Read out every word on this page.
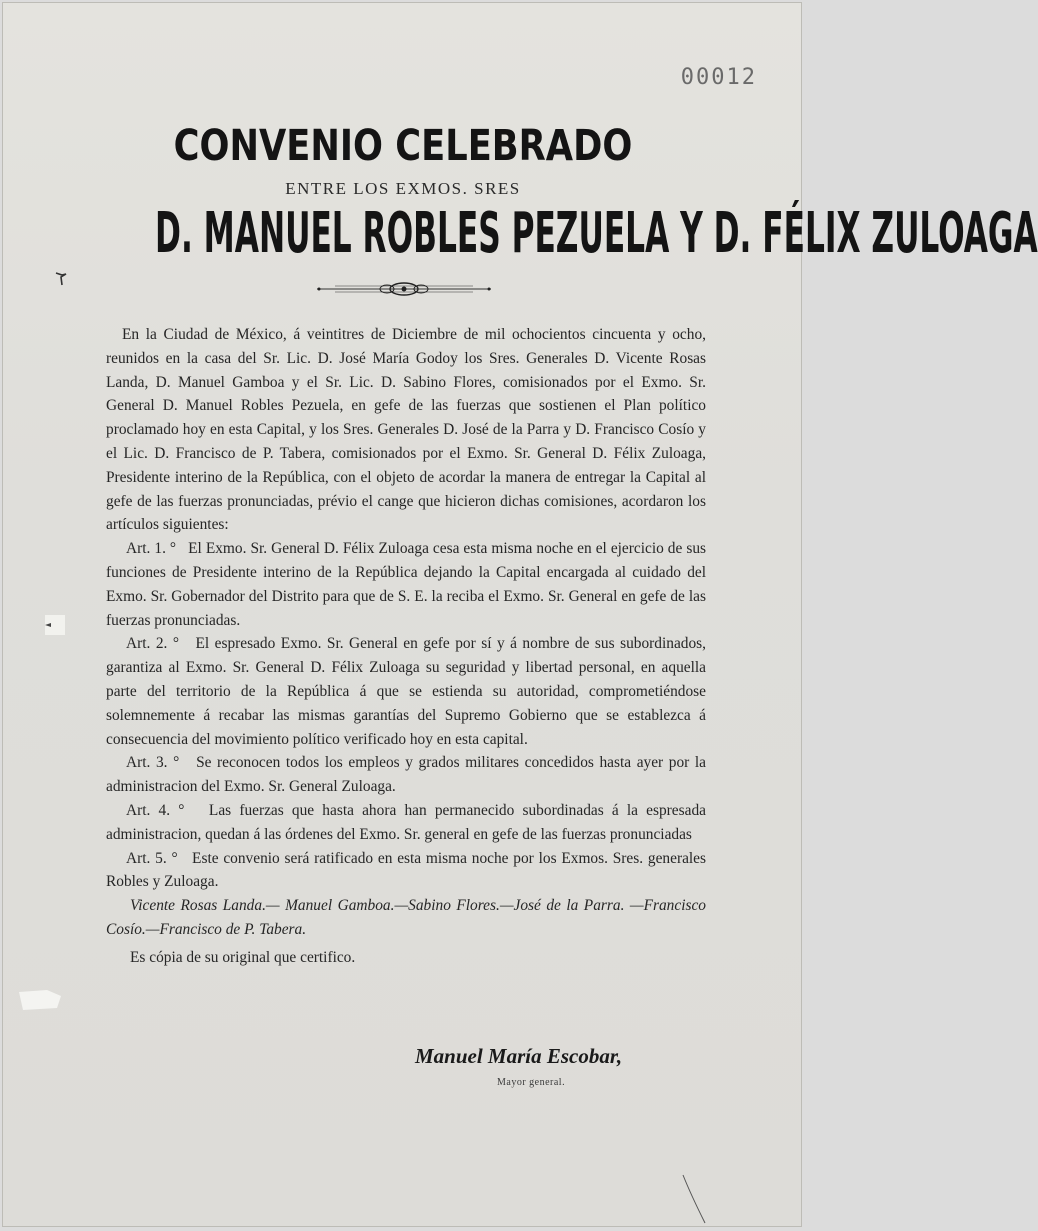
00012
CONVENIO CELEBRADO
ENTRE LOS EXMOS. SRES
D. MANUEL ROBLES PEZUELA Y D. FÉLIX ZULOAGA

En la Ciudad de México, á veintitres de Diciembre de mil ochocientos cincuenta y ocho, reunidos en la casa del Sr. Lic. D. José María Godoy los Sres. Generales D. Vicente Rosas Landa, D. Manuel Gamboa y el Sr. Lic. D. Sabino Flores, comisionados por el Exmo. Sr. General D. Manuel Robles Pezuela, en gefe de las fuerzas que sostienen el Plan político proclamado hoy en esta Capital, y los Sres. Generales D. José de la Parra y D. Francisco Cosío y el Lic. D. Francisco de P. Tabera, comisionados por el Exmo. Sr. General D. Félix Zuloaga, Presidente interino de la República, con el objeto de acordar la manera de entregar la Capital al gefe de las fuerzas pronunciadas, prévio el cange que hicieron dichas comisiones, acordaron los artículos siguientes:

Art. 1. ° El Exmo. Sr. General D. Félix Zuloaga cesa esta misma noche en el ejercicio de sus funciones de Presidente interino de la República dejando la Capital encargada al cuidado del Exmo. Sr. Gobernador del Distrito para que de S. E. la reciba el Exmo. Sr. General en gefe de las fuerzas pronunciadas.

Art. 2. ° El espresado Exmo. Sr. General en gefe por sí y á nombre de sus subordinados, garantiza al Exmo. Sr. General D. Félix Zuloaga su seguridad y libertad personal, en aquella parte del territorio de la República á que se estienda su autoridad, comprometiéndose solemnemente á recabar las mismas garantías del Supremo Gobierno que se establezca á consecuencia del movimiento político verificado hoy en esta capital.

Art. 3. ° Se reconocen todos los empleos y grados militares concedidos hasta ayer por la administracion del Exmo. Sr. General Zuloaga.

Art. 4. ° Las fuerzas que hasta ahora han permanecido subordinadas á la espresada administracion, quedan á las órdenes del Exmo. Sr. general en gefe de las fuerzas pronunciadas

Art. 5. ° Este convenio será ratificado en esta misma noche por los Exmos. Sres. generales Robles y Zuloaga.

Vicente Rosas Landa.— Manuel Gamboa.—Sabino Flores.—José de la Parra. —Francisco Cosío.—Francisco de P. Tabera.

Es cópia de su original que certifico.

Manuel María Escobar,
Mayor general.
